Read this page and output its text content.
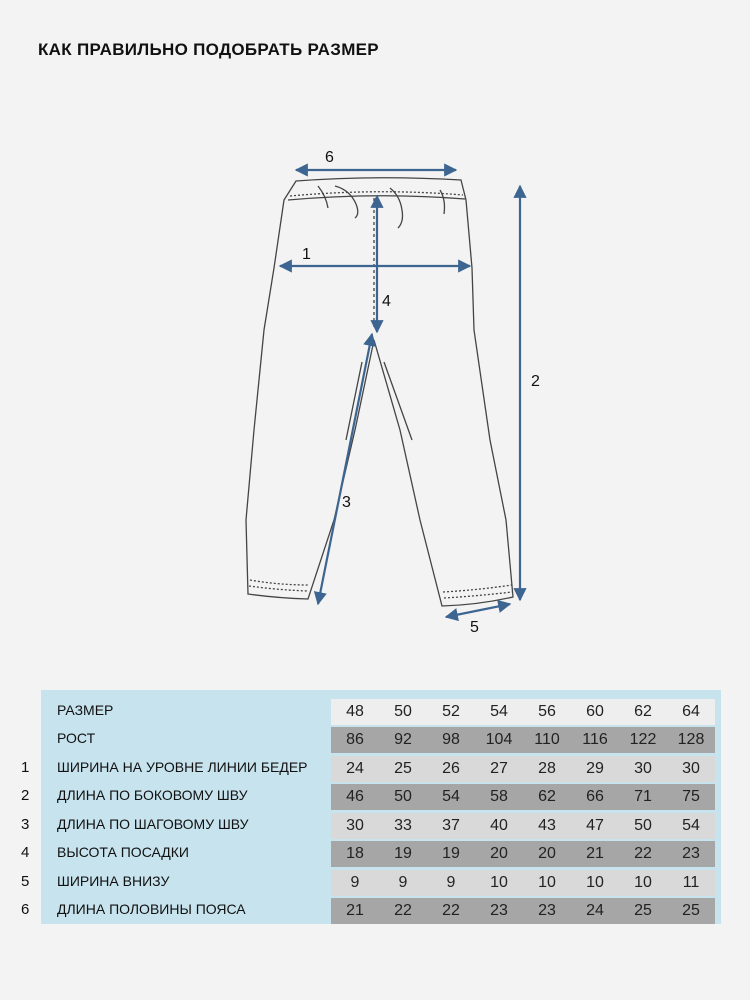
КАК ПРАВИЛЬНО ПОДОБРАТЬ РАЗМЕР
6
1
4
2
3
5
РАЗМЕР	48	50	52	54	56	60	62	64
РОСТ	86	92	98	104	110	116	122	128
1 ШИРИНА НА УРОВНЕ ЛИНИИ БЕДЕР	24	25	26	27	28	29	30	30
2 ДЛИНА ПО БОКОВОМУ ШВУ	46	50	54	58	62	66	71	75
3 ДЛИНА ПО ШАГОВОМУ ШВУ	30	33	37	40	43	47	50	54
4 ВЫСОТА ПОСАДКИ	18	19	19	20	20	21	22	23
5 ШИРИНА ВНИЗУ	9	9	9	10	10	10	10	11
6 ДЛИНА ПОЛОВИНЫ ПОЯСА	21	22	22	23	23	24	25	25
